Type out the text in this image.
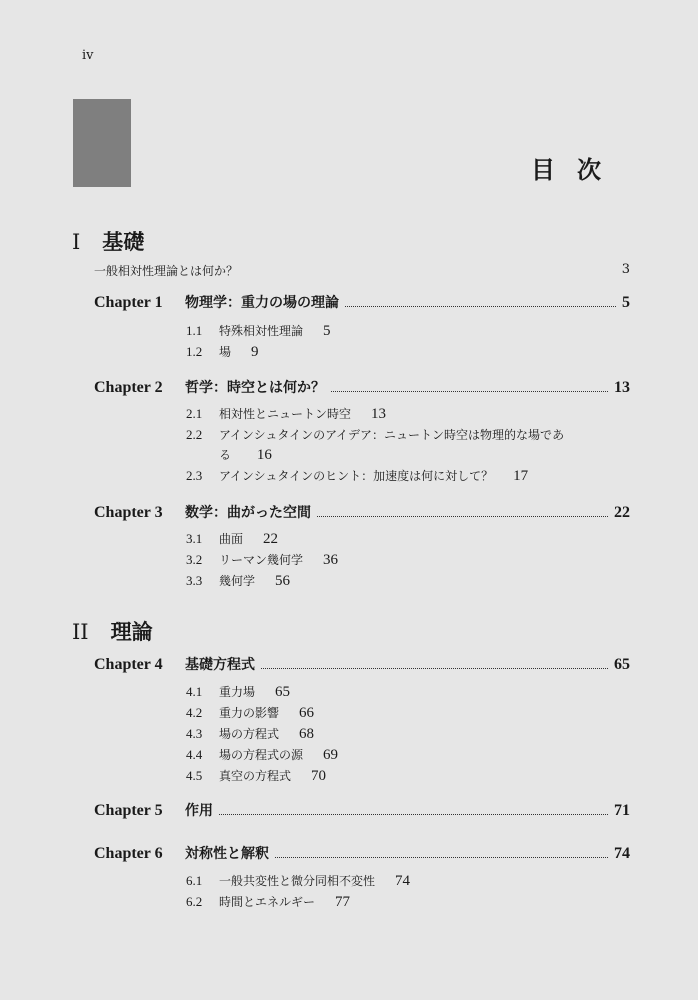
iv
目次
I 基礎
一般相対性理論とは何か？	3
Chapter 1	物理学：重力の場の理論	5
1.1	特殊相対性理論 5
1.2	場 9
Chapter 2	哲学：時空とは何か？	13
2.1	相対性とニュートン時空 13
2.2	アインシュタインのアイデア：ニュートン時空は物理的な場であ
る 16
2.3	アインシュタインのヒント：加速度は何に対して？ 17
Chapter 3	数学：曲がった空間	22
3.1	曲面 22
3.2	リーマン幾何学 36
3.3	幾何学 56
II 理論
Chapter 4	基礎方程式	65
4.1	重力場 65
4.2	重力の影響 66
4.3	場の方程式 68
4.4	場の方程式の源 69
4.5	真空の方程式 70
Chapter 5	作用	71
Chapter 6	対称性と解釈	74
6.1	一般共変性と微分同相不変性 74
6.2	時間とエネルギー 77
